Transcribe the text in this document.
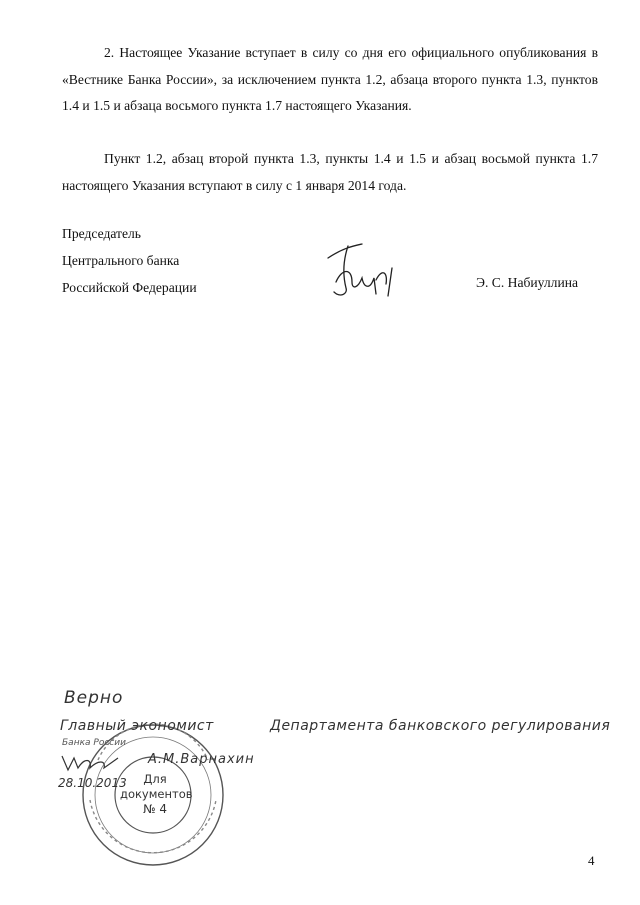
2. Настоящее Указание вступает в силу со дня его официального опубликования в «Вестнике Банка России», за исключением пункта 1.2, абзаца второго пункта 1.3, пунктов 1.4 и 1.5 и абзаца восьмого пункта 1.7 настоящего Указания.

Пункт 1.2, абзац второй пункта 1.3, пункты 1.4 и 1.5 и абзац восьмой пункта 1.7 настоящего Указания вступают в силу с 1 января 2014 года.

Председатель
Центрального банка
Российской Федерации	Э. С. Набиуллина
Для
документов
№ 4
Верно
Главный экономист	Департамента банковского регулирования
Банка России
А.М.Варнахин
28.10.2013
4
